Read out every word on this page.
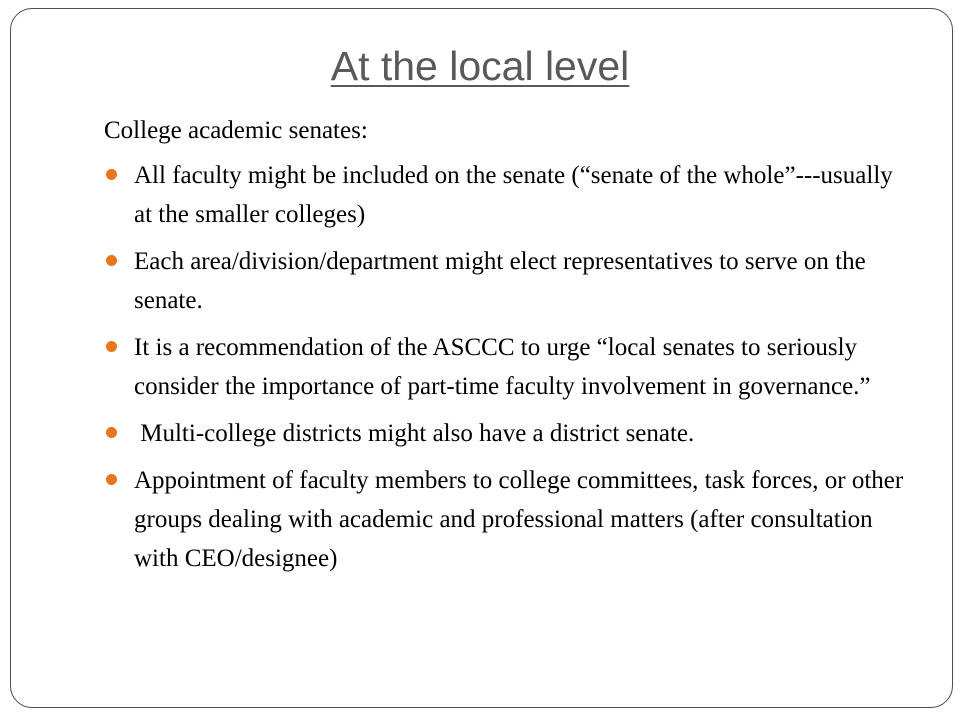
At the local level
College academic senates:
All faculty might be included on the senate (“senate of the whole”---usually at the smaller colleges)
Each area/division/department might elect representatives to serve on the senate.
It is a recommendation of the ASCCC to urge “local senates to seriously consider the importance of part-time faculty involvement in governance.”
Multi-college districts might also have a district senate.
Appointment of faculty members to college committees, task forces, or other groups dealing with academic and professional matters (after consultation with CEO/designee)
